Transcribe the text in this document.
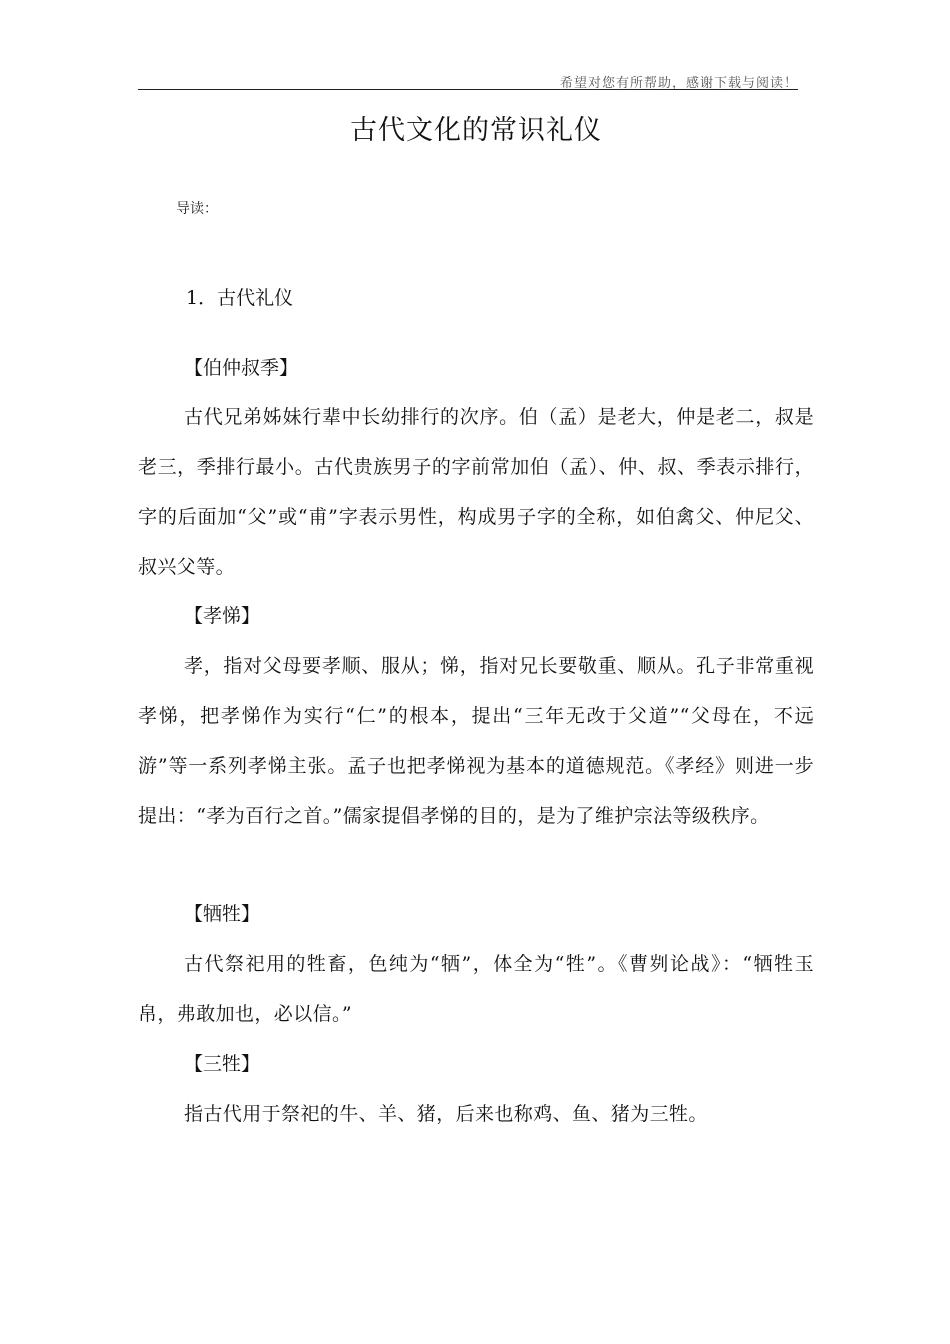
希望对您有所帮助，感谢下载与阅读！
古代文化的常识礼仪
导读：
1．古代礼仪
【伯仲叔季】

古代兄弟姊妹行辈中长幼排行的次序。伯（孟）是老大，仲是老二，叔是老三，季排行最小。古代贵族男子的字前常加伯（孟）、仲、叔、季表示排行，字的后面加“父”或“甫”字表示男性，构成男子字的全称，如伯禽父、仲尼父、叔兴父等。

【孝悌】

孝，指对父母要孝顺、服从；悌，指对兄长要敬重、顺从。孔子非常重视孝悌，把孝悌作为实行“仁”的根本，提出“三年无改于父道”“父母在，不远游”等一系列孝悌主张。孟子也把孝悌视为基本的道德规范。《孝经》则进一步提出：“孝为百行之首。”儒家提倡孝悌的目的，是为了维护宗法等级秩序。

【牺牲】

古代祭祀用的牲畜，色纯为“牺”，体全为“牲”。《曹刿论战》：“牺牲玉帛，弗敢加也，必以信。”

【三牲】

指古代用于祭祀的牛、羊、猪，后来也称鸡、鱼、猪为三牲。
